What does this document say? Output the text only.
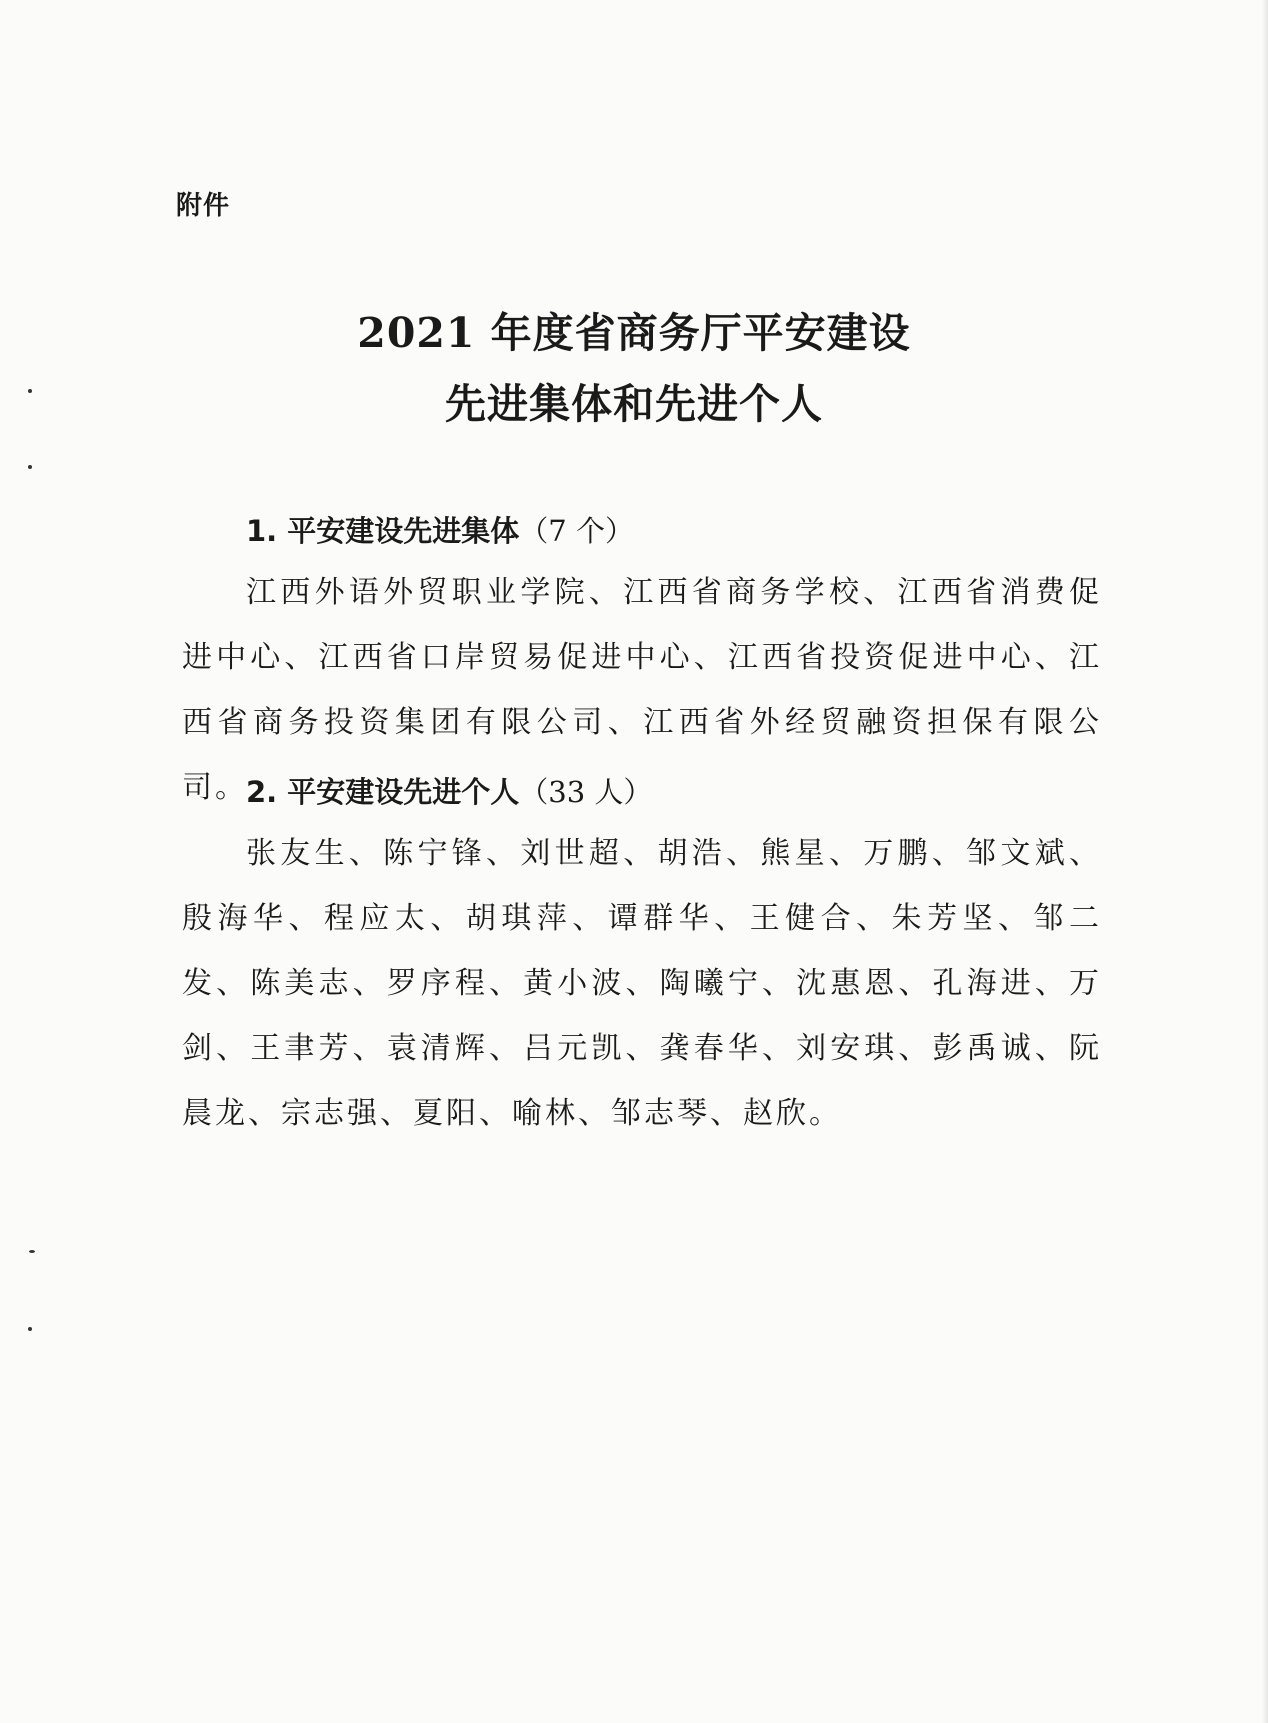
附件
2021 年度省商务厅平安建设
先进集体和先进个人
1. 平安建设先进集体（7 个）
江西外语外贸职业学院、江西省商务学校、江西省消费促进中心、江西省口岸贸易促进中心、江西省投资促进中心、江西省商务投资集团有限公司、江西省外经贸融资担保有限公司。
2. 平安建设先进个人（33 人）
张友生、陈宁锋、刘世超、胡浩、熊星、万鹏、邹文斌、殷海华、程应太、胡琪萍、谭群华、王健合、朱芳坚、邹二发、陈美志、罗序程、黄小波、陶曦宁、沈惠恩、孔海进、万剑、王聿芳、袁清辉、吕元凯、龚春华、刘安琪、彭禹诚、阮晨龙、宗志强、夏阳、喻林、邹志琴、赵欣。
